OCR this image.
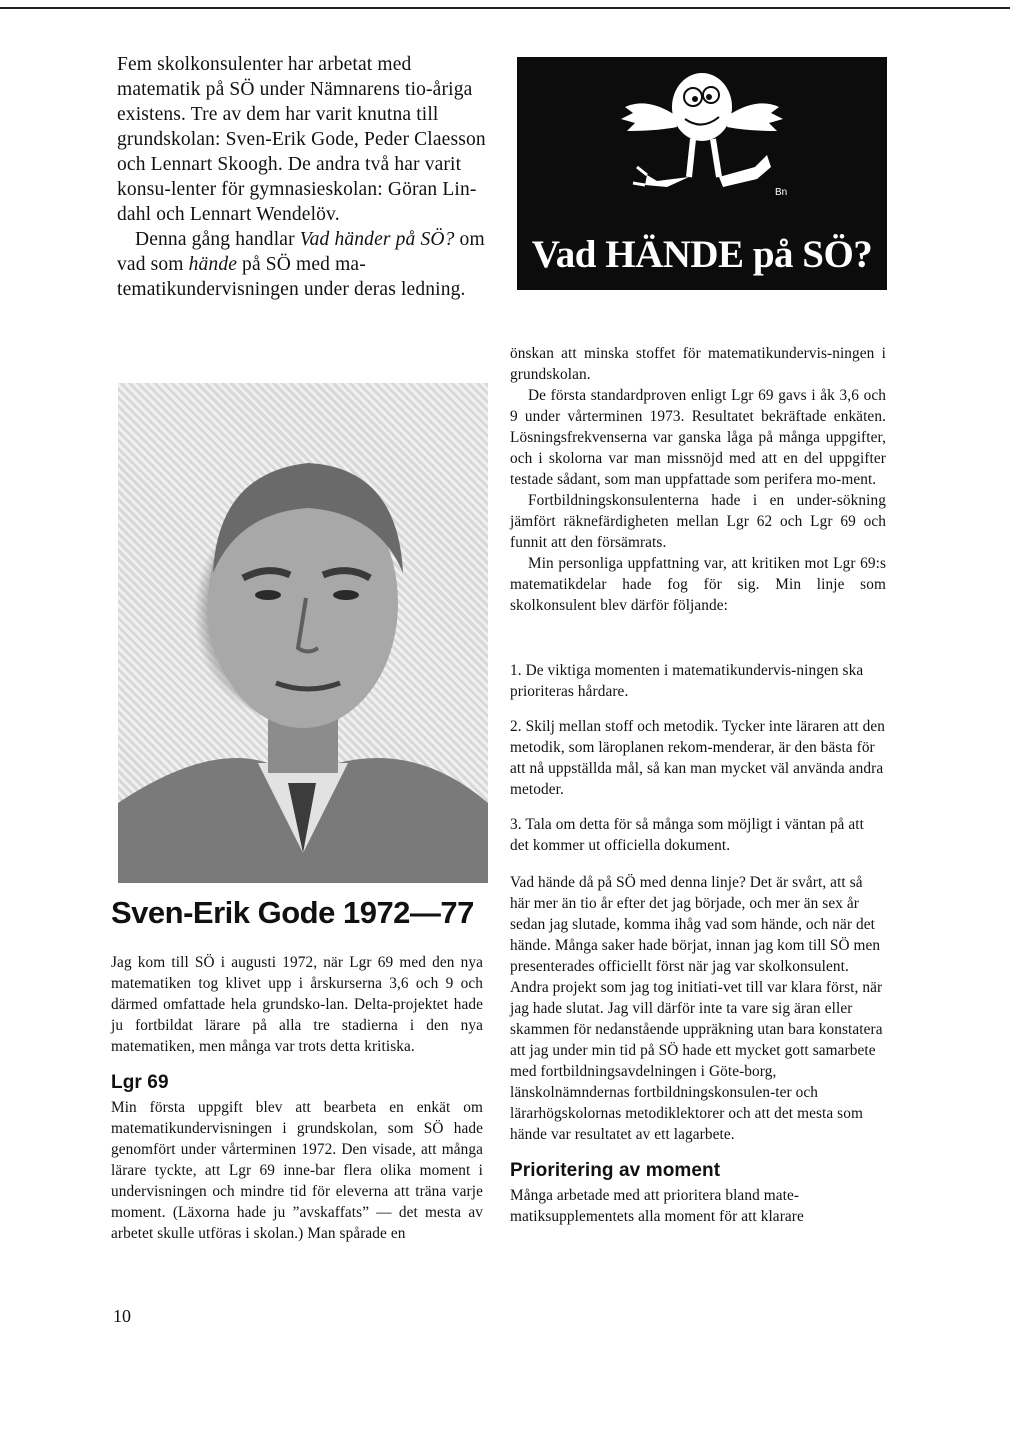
Fem skolkonsulenter har arbetat med matematik på SÖ under Nämnarens tio-åriga existens. Tre av dem har varit knutna till grundskolan: Sven-Erik Gode, Peder Claesson och Lennart Skoogh. De andra två har varit konsu-lenter för gymnasieskolan: Göran Lin-dahl och Lennart Wendelöv.

Denna gång handlar Vad händer på SÖ? om vad som hände på SÖ med ma-tematikundervisningen under deras ledning.

Bn
Vad HÄNDE på SÖ?
Sven-Erik Gode 1972—77

Jag kom till SÖ i augusti 1972, när Lgr 69 med den nya matematiken tog klivet upp i årskurserna 3,6 och 9 och därmed omfattade hela grundsko-lan. Delta-projektet hade ju fortbildat lärare på alla tre stadierna i den nya matematiken, men många var trots detta kritiska.

Lgr 69

Min första uppgift blev att bearbeta en enkät om matematikundervisningen i grundskolan, som SÖ hade genomfört under vårterminen 1972. Den visade, att många lärare tyckte, att Lgr 69 inne-bar flera olika moment i undervisningen och mindre tid för eleverna att träna varje moment. (Läxorna hade ju ”avskaffats” — det mesta av arbetet skulle utföras i skolan.) Man spårade en

önskan att minska stoffet för matematikundervis-ningen i grundskolan.

De första standardproven enligt Lgr 69 gavs i åk 3,6 och 9 under vårterminen 1973. Resultatet bekräftade enkäten. Lösningsfrekvenserna var ganska låga på många uppgifter, och i skolorna var man missnöjd med att en del uppgifter testade sådant, som man uppfattade som perifera mo-ment.

Fortbildningskonsulenterna hade i en under-sökning jämfört räknefärdigheten mellan Lgr 62 och Lgr 69 och funnit att den försämrats.

Min personliga uppfattning var, att kritiken mot Lgr 69:s matematikdelar hade fog för sig. Min linje som skolkonsulent blev därför följande:

1. De viktiga momenten i matematikundervis-ningen ska prioriteras hårdare.
2. Skilj mellan stoff och metodik. Tycker inte läraren att den metodik, som läroplanen rekom-menderar, är den bästa för att nå uppställda mål, så kan man mycket väl använda andra metoder.
3. Tala om detta för så många som möjligt i väntan på att det kommer ut officiella dokument.

Vad hände då på SÖ med denna linje? Det är svårt, att så här mer än tio år efter det jag började, och mer än sex år sedan jag slutade, komma ihåg vad som hände, och när det hände. Många saker hade börjat, innan jag kom till SÖ men presenterades officiellt först när jag var skolkonsulent. Andra projekt som jag tog initiati-vet till var klara först, när jag hade slutat. Jag vill därför inte ta vare sig äran eller skammen för nedanstående uppräkning utan bara konstatera att jag under min tid på SÖ hade ett mycket gott samarbete med fortbildningsavdelningen i Göte-borg, länskolnämndernas fortbildningskonsulen-ter och lärarhögskolornas metodiklektorer och att det mesta som hände var resultatet av ett lagarbete.

Prioritering av moment

Många arbetade med att prioritera bland mate-matiksupplementets alla moment för att klarare

10
